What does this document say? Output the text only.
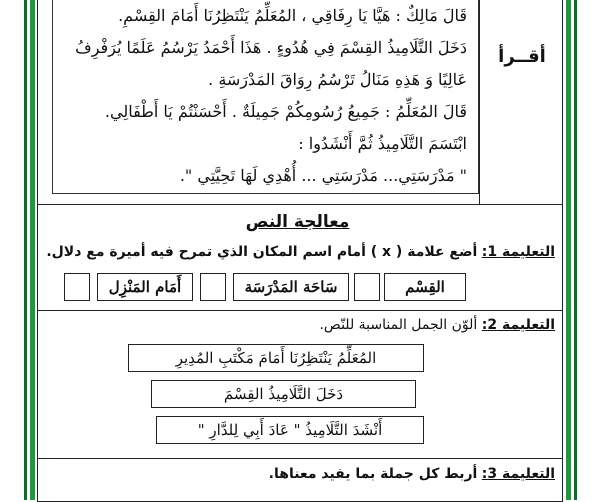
أقــرأ
قَالَ مَالِكٌ : هَيَّا يَا رِفَاقِي ، المُعَلِّمُ يَنْتَظِرُنَا أَمَامَ القِسْمِ.
دَخَلَ التَّلَامِيذُ القِسْمَ فِي هُدُوءٍ . هَذَا أَحْمَدُ يَرْسُمُ عَلَمًا يُرَفْرِفُ
عَالِيًا وَ هَذِهِ مَنَالُ تَرْسُمُ رِوَاقَ المَدْرَسَةِ .
قَالَ المُعَلِّمُ : جَمِيعُ رُسُومِكُمْ جَمِيلَةٌ . أَحْسَنْتُمْ يَا أَطْفَالِي.
ابْتَسَمَ التَّلَامِيذُ ثُمَّ أَنْشَدُوا :
" مَدْرَسَتِي... مَدْرَسَتِي ... أُهْدِي لَهَا تَحِيَّتِي ".
معالجة النص
التعليمة 1: أضع علامة ( x ) أمام اسم المكان الذي تمرح فيه أميرة مع دلال.
القِسْم
سَاحَة المَدْرَسَة
أَمَام المَنْزِل
التعليمة 2: ألوّن الجمل المناسبة للنّص.
المُعَلِّمُ يَنْتَظِرُنَا أَمَامَ مَكْتَبِ المُدِيرِ
دَخَلَ التَّلَامِيذُ القِسْمَ
أَنْشَدَ التَّلَامِيذُ " عَادَ أَبِي لِلدَّارِ "
التعليمة 3: أربط كل جملة بما يفيد معناها.
